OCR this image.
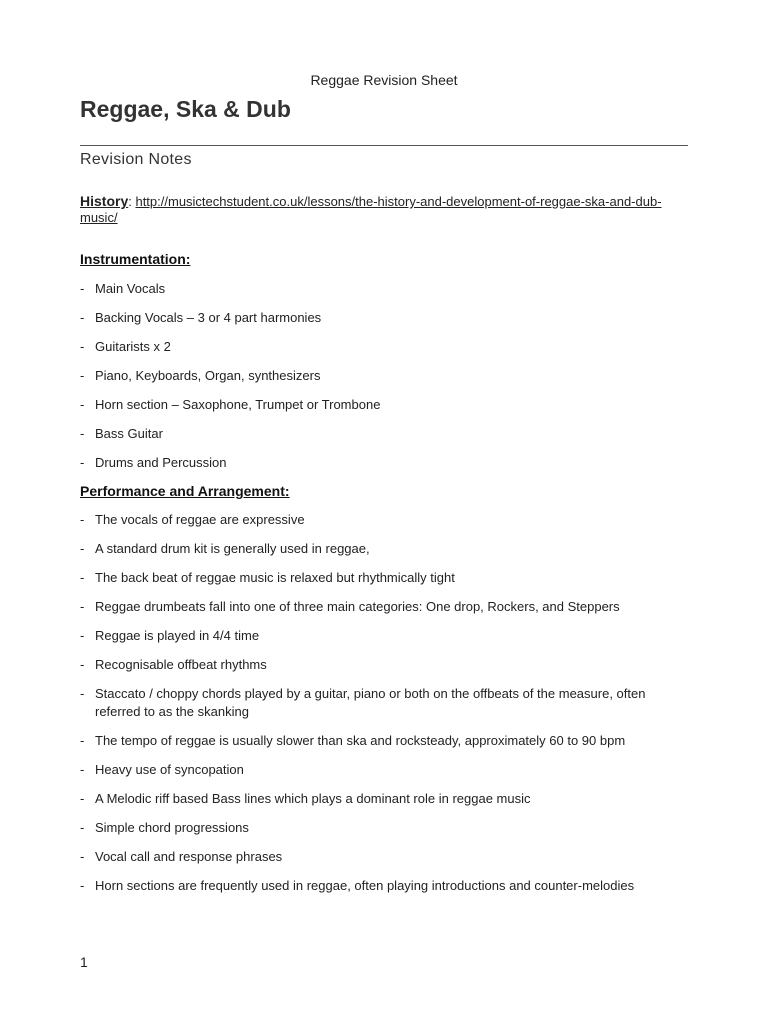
Reggae Revision Sheet
Reggae, Ska & Dub
Revision Notes
History: http://musictechstudent.co.uk/lessons/the-history-and-development-of-reggae-ska-and-dub-music/
Instrumentation:
- Main Vocals
- Backing Vocals – 3 or 4 part harmonies
- Guitarists x 2
- Piano, Keyboards, Organ, synthesizers
- Horn section – Saxophone, Trumpet or Trombone
- Bass Guitar
- Drums and Percussion
Performance and Arrangement:
- The vocals of reggae are expressive
- A standard drum kit is generally used in reggae,
- The back beat of reggae music is relaxed but rhythmically tight
- Reggae drumbeats fall into one of three main categories: One drop, Rockers, and Steppers
- Reggae is played in 4/4 time
- Recognisable offbeat rhythms
- Staccato / choppy chords played by a guitar, piano or both on the offbeats of the measure, often referred to as the skanking
- The tempo of reggae is usually slower than ska and rocksteady, approximately 60 to 90 bpm
- Heavy use of syncopation
- A Melodic riff based Bass lines which plays a dominant role in reggae music
- Simple chord progressions
- Vocal call and response phrases
- Horn sections are frequently used in reggae, often playing introductions and counter-melodies
1
